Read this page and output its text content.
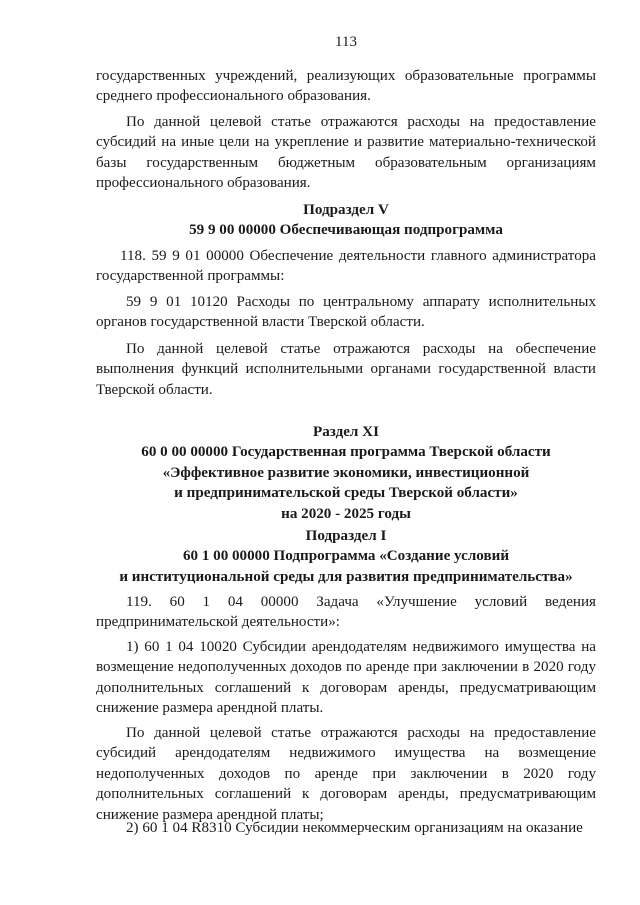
113

государственных учреждений, реализующих образовательные программы среднего профессионального образования.

По данной целевой статье отражаются расходы на предоставление субсидий на иные цели на укрепление и развитие материально-технической базы государственным бюджетным образовательным организациям профессионального образования.

Подраздел V
59 9 00 00000 Обеспечивающая подпрограмма
118. 59 9 01 00000 Обеспечение деятельности главного администратора
государственной программы:

59 9 01 10120 Расходы по центральному аппарату исполнительных органов государственной власти Тверской области.

По данной целевой статье отражаются расходы на обеспечение выполнения функций исполнительными органами государственной власти Тверской области.

Раздел XI
60 0 00 00000 Государственная программа Тверской области
«Эффективное развитие экономики, инвестиционной
и предпринимательской среды Тверской области»
на 2020 - 2025 годы
Подраздел I
60 1 00 00000 Подпрограмма «Создание условий
и институциональной среды для развития предпринимательства»

119. 60 1 04 00000 Задача «Улучшение условий ведения предпринимательской деятельности»:

1) 60 1 04 10020 Субсидии арендодателям недвижимого имущества на возмещение недополученных доходов по аренде при заключении в 2020 году дополнительных соглашений к договорам аренды, предусматривающим снижение размера арендной платы.

По данной целевой статье отражаются расходы на предоставление субсидий арендодателям недвижимого имущества на возмещение недополученных доходов по аренде при заключении в 2020 году дополнительных соглашений к договорам аренды, предусматривающим снижение размера арендной платы;

2) 60 1 04 R8310 Субсидии некоммерческим организациям на оказание
